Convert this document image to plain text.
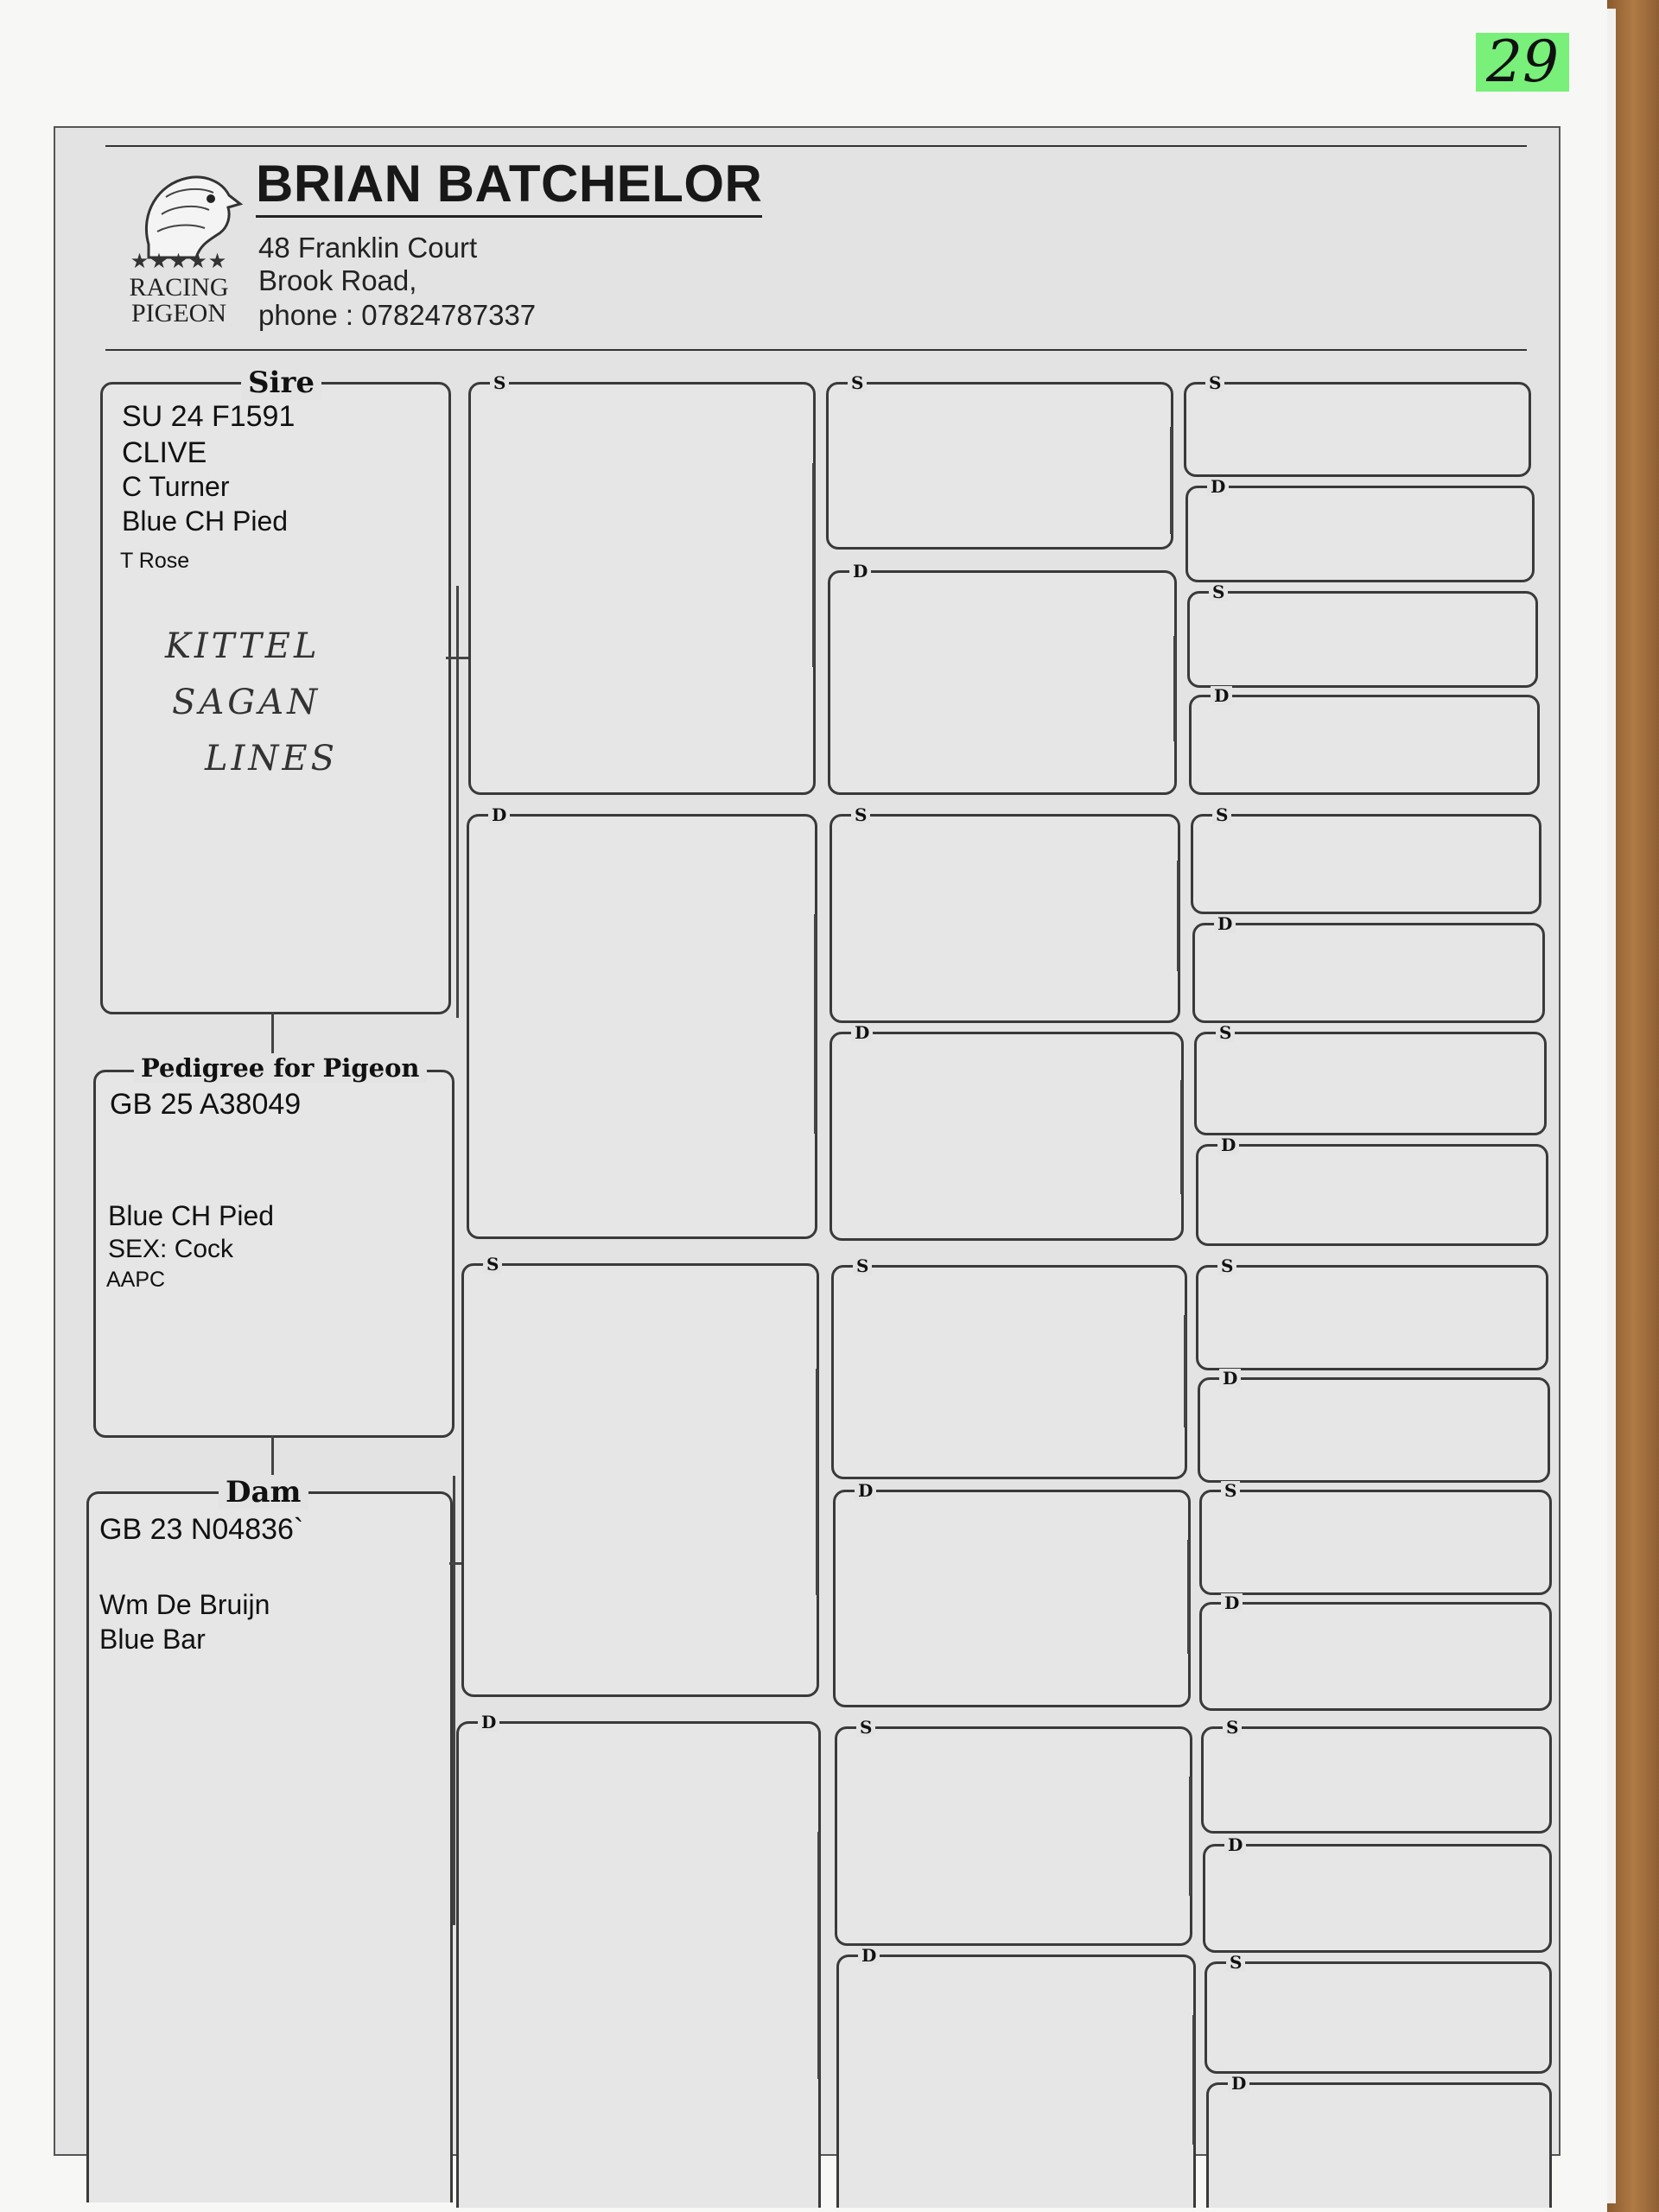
29
★★★★★
RACING
PIGEON
BRIAN BATCHELOR
48 Franklin Court
Brook Road,
phone : 07824787337
Sire
SU 24 F1591
CLIVE
C Turner
Blue CH Pied
T Rose
KITTEL
SAGAN
LINES
Pedigree for Pigeon
GB 25 A38049
Blue CH Pied
SEX: Cock
AAPC
Dam
GB 23 N04836`
Wm De Bruijn
Blue Bar
S
D
S
D
S
D
S
D
S
D
S
D
S
D
S
D
S
D
S
D
S
D
S
D
S
D
S
D
